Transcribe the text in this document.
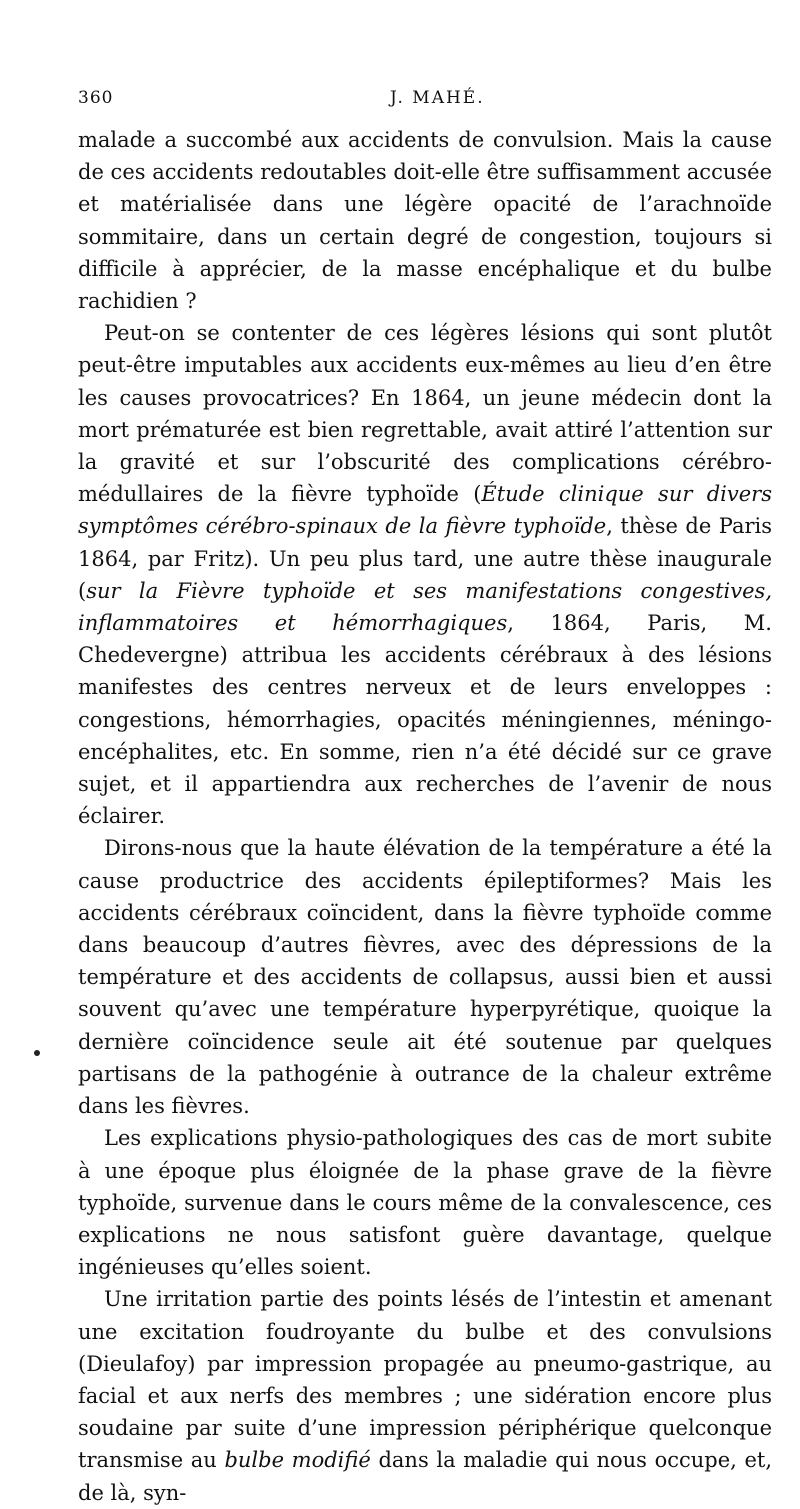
360	J. MAHÉ.

malade a succombé aux accidents de convulsion. Mais la cause de ces accidents redoutables doit-elle être suffisamment accusée et matérialisée dans une légère opacité de l’arachnoïde sommitaire, dans un certain degré de congestion, toujours si difficile à apprécier, de la masse encéphalique et du bulbe rachidien ?

Peut-on se contenter de ces légères lésions qui sont plutôt peut-être imputables aux accidents eux-mêmes au lieu d’en être les causes provocatrices? En 1864, un jeune médecin dont la mort prématurée est bien regrettable, avait attiré l’attention sur la gravité et sur l’obscurité des complications cérébro-médullaires de la fièvre typhoïde (Étude clinique sur divers symptômes cérébro-spinaux de la fièvre typhoïde, thèse de Paris 1864, par Fritz). Un peu plus tard, une autre thèse inaugurale (sur la Fièvre typhoïde et ses manifestations congestives, inflammatoires et hémorrhagiques, 1864, Paris, M. Chedevergne) attribua les accidents cérébraux à des lésions manifestes des centres nerveux et de leurs enveloppes : congestions, hémorrhagies, opacités méningiennes, méningo-encéphalites, etc. En somme, rien n’a été décidé sur ce grave sujet, et il appartiendra aux recherches de l’avenir de nous éclairer.

Dirons-nous que la haute élévation de la température a été la cause productrice des accidents épileptiformes? Mais les accidents cérébraux coïncident, dans la fièvre typhoïde comme dans beaucoup d’autres fièvres, avec des dépressions de la température et des accidents de collapsus, aussi bien et aussi souvent qu’avec une température hyperpyrétique, quoique la dernière coïncidence seule ait été soutenue par quelques partisans de la pathogénie à outrance de la chaleur extrême dans les fièvres.

Les explications physio-pathologiques des cas de mort subite à une époque plus éloignée de la phase grave de la fièvre typhoïde, survenue dans le cours même de la convalescence, ces explications ne nous satisfont guère davantage, quelque ingénieuses qu’elles soient.

Une irritation partie des points lésés de l’intestin et amenant une excitation foudroyante du bulbe et des convulsions (Dieulafoy) par impression propagée au pneumo-gastrique, au facial et aux nerfs des membres ; une sidération encore plus soudaine par suite d’une impression périphérique quelconque transmise au bulbe modifié dans la maladie qui nous occupe, et, de là, syn-
